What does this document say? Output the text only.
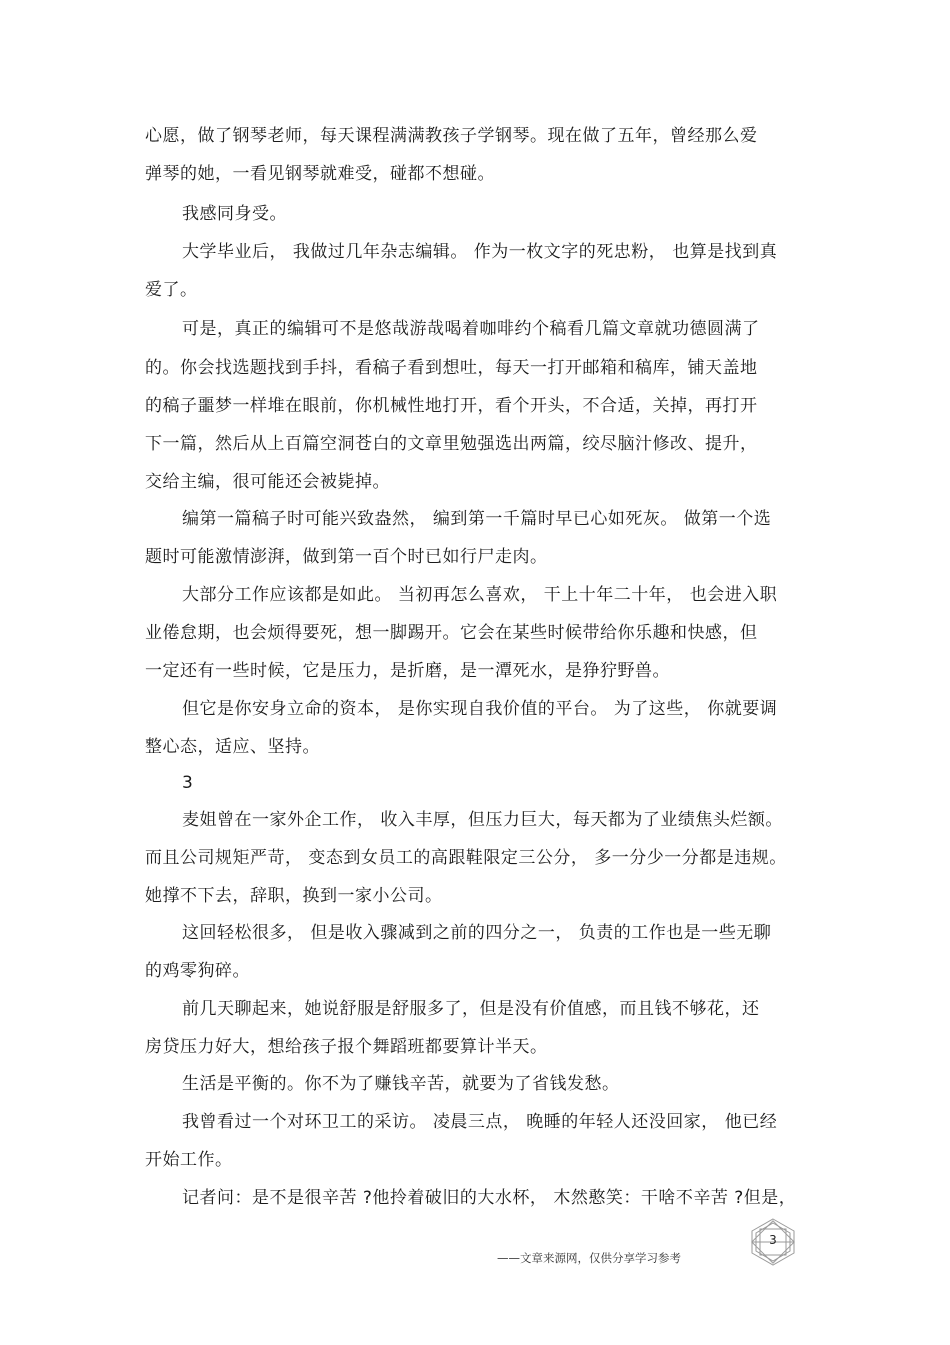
心愿，做了钢琴老师，每天课程满满教孩子学钢琴。现在做了五年，曾经那么爱
弹琴的她，一看见钢琴就难受，碰都不想碰。
我感同身受。
大学毕业后， 我做过几年杂志编辑。 作为一枚文字的死忠粉， 也算是找到真
爱了。
可是，真正的编辑可不是悠哉游哉喝着咖啡约个稿看几篇文章就功德圆满了
的。你会找选题找到手抖，看稿子看到想吐，每天一打开邮箱和稿库，铺天盖地
的稿子噩梦一样堆在眼前，你机械性地打开，看个开头，不合适，关掉，再打开
下一篇，然后从上百篇空洞苍白的文章里勉强选出两篇，绞尽脑汁修改、提升，
交给主编，很可能还会被毙掉。
编第一篇稿子时可能兴致盎然， 编到第一千篇时早已心如死灰。 做第一个选
题时可能激情澎湃，做到第一百个时已如行尸走肉。
大部分工作应该都是如此。 当初再怎么喜欢， 干上十年二十年， 也会进入职
业倦怠期，也会烦得要死，想一脚踢开。它会在某些时候带给你乐趣和快感，但
一定还有一些时候，它是压力，是折磨，是一潭死水，是狰狞野兽。
但它是你安身立命的资本， 是你实现自我价值的平台。 为了这些， 你就要调
整心态，适应、坚持。
3
麦姐曾在一家外企工作， 收入丰厚，但压力巨大，每天都为了业绩焦头烂额。
而且公司规矩严苛， 变态到女员工的高跟鞋限定三公分， 多一分少一分都是违规。
她撑不下去，辞职，换到一家小公司。
这回轻松很多， 但是收入骤减到之前的四分之一， 负责的工作也是一些无聊
的鸡零狗碎。
前几天聊起来，她说舒服是舒服多了，但是没有价值感，而且钱不够花，还
房贷压力好大，想给孩子报个舞蹈班都要算计半天。
生活是平衡的。你不为了赚钱辛苦，就要为了省钱发愁。
我曾看过一个对环卫工的采访。 凌晨三点， 晚睡的年轻人还没回家， 他已经
开始工作。
记者问：是不是很辛苦 ?他拎着破旧的大水杯， 木然憨笑：干啥不辛苦 ?但是，
3
——文章来源网，仅供分享学习参考
